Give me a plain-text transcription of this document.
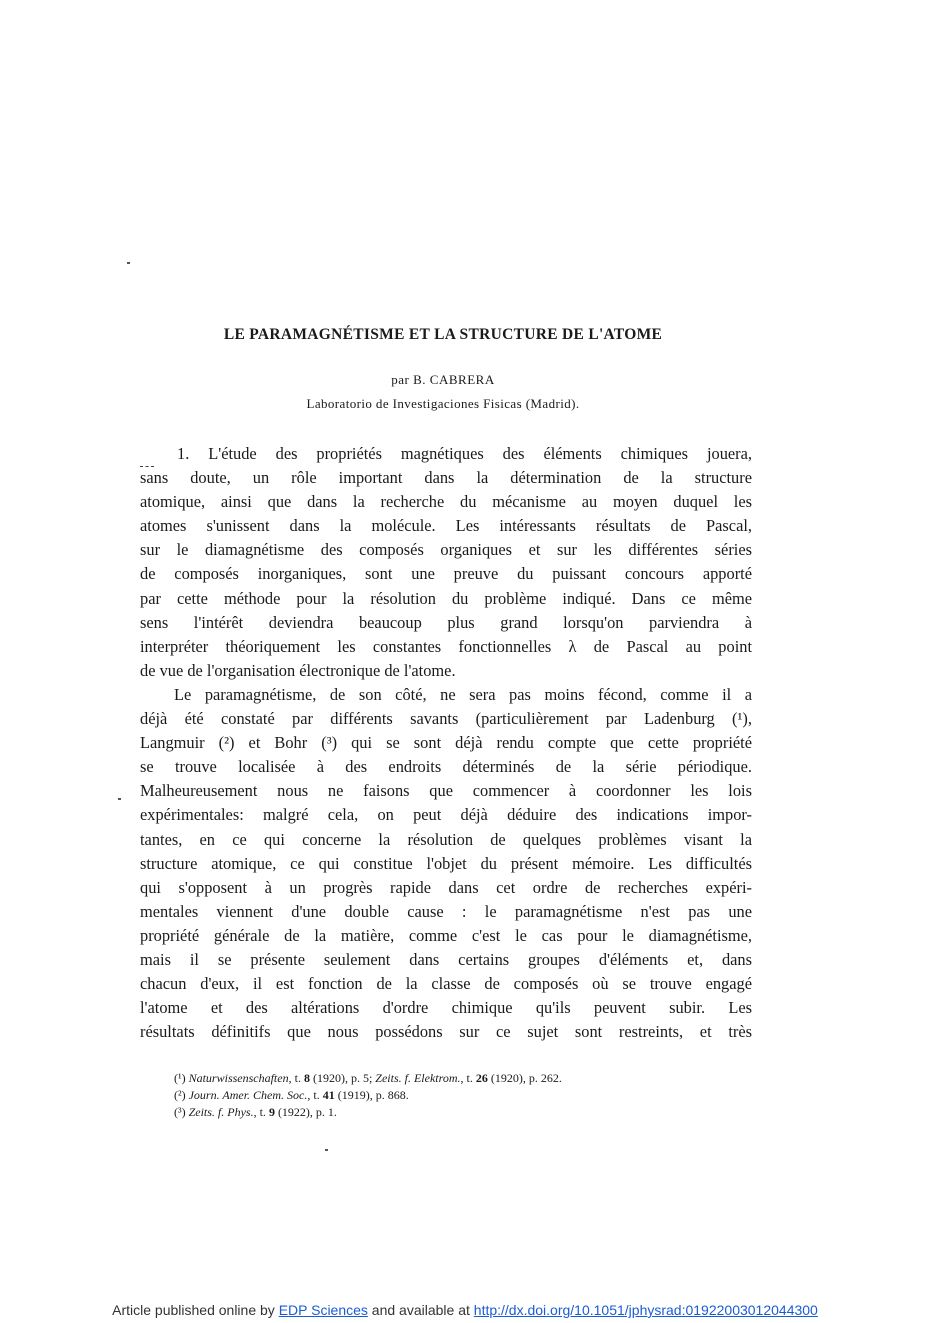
LE PARAMAGNÉTISME ET LA STRUCTURE DE L'ATOME
par B. CABRERA
Laboratorio de Investigaciones Fisicas (Madrid).
1. L'étude des propriétés magnétiques des éléments chimiques jouera,
sans doute, un rôle important dans la détermination de la structure
atomique, ainsi que dans la recherche du mécanisme au moyen duquel les
atomes s'unissent dans la molécule. Les intéressants résultats de Pascal,
sur le diamagnétisme des composés organiques et sur les différentes séries
de composés inorganiques, sont une preuve du puissant concours apporté
par cette méthode pour la résolution du problème indiqué. Dans ce même
sens l'intérêt deviendra beaucoup plus grand lorsqu'on parviendra à
interpréter théoriquement les constantes fonctionnelles λ de Pascal au point
de vue de l'organisation électronique de l'atome.
Le paramagnétisme, de son côté, ne sera pas moins fécond, comme il a
déjà été constaté par différents savants (particulièrement par Ladenburg (¹),
Langmuir (²) et Bohr (³) qui se sont déjà rendu compte que cette propriété
se trouve localisée à des endroits déterminés de la série périodique.
Malheureusement nous ne faisons que commencer à coordonner les lois
expérimentales: malgré cela, on peut déjà déduire des indications impor-
tantes, en ce qui concerne la résolution de quelques problèmes visant la
structure atomique, ce qui constitue l'objet du présent mémoire. Les difficultés
qui s'opposent à un progrès rapide dans cet ordre de recherches expéri-
mentales viennent d'une double cause : le paramagnétisme n'est pas une
propriété générale de la matière, comme c'est le cas pour le diamagnétisme,
mais il se présente seulement dans certains groupes d'éléments et, dans
chacun d'eux, il est fonction de la classe de composés où se trouve engagé
l'atome et des altérations d'ordre chimique qu'ils peuvent subir. Les
résultats définitifs que nous possédons sur ce sujet sont restreints, et très
(¹) Naturwissenschaften, t. 8 (1920), p. 5; Zeits. f. Elektrom., t. 26 (1920), p. 262.
(²) Journ. Amer. Chem. Soc., t. 41 (1919), p. 868.
(³) Zeits. f. Phys., t. 9 (1922), p. 1.
Article published online by EDP Sciences and available at http://dx.doi.org/10.1051/jphysrad:01922003012044300
